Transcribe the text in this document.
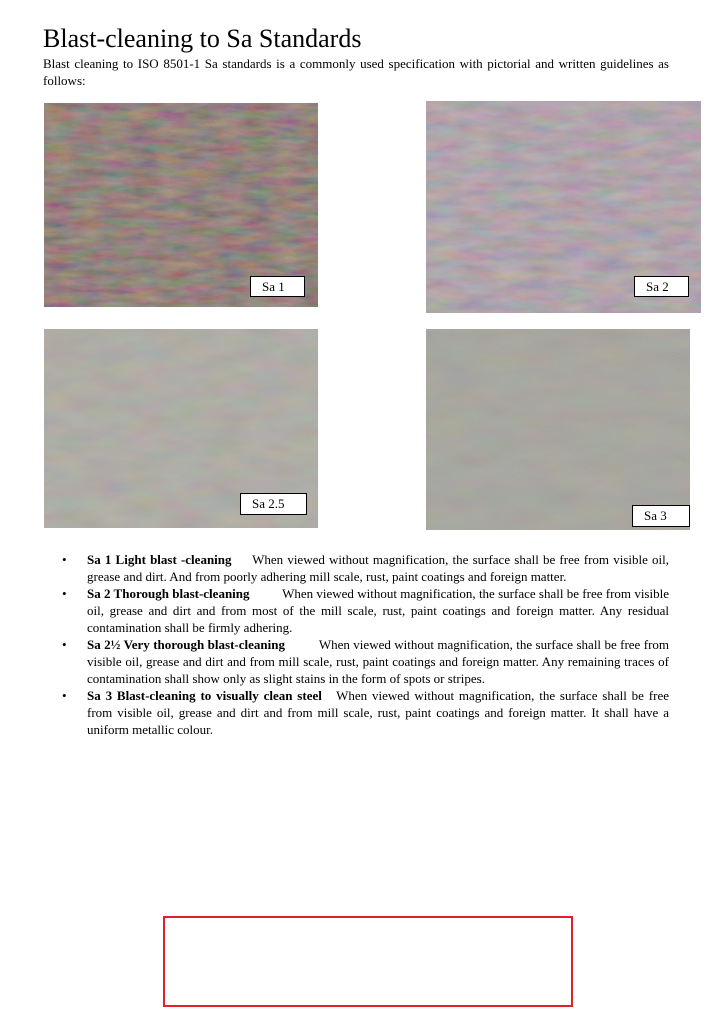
Blast-cleaning to Sa Standards

Blast cleaning to ISO 8501-1 Sa standards is a commonly used specification with pictorial and written guidelines as follows:

Sa 1	Sa 2
Sa 2.5
Sa 3
• Sa 1 Light blast -cleaning When viewed without magnification, the surface shall be free from visible oil, grease and dirt. And from poorly adhering mill scale, rust, paint coatings and foreign matter.
• Sa 2 Thorough blast-cleaning	When viewed without magnification, the surface shall be free from visible oil, grease and dirt and from most of the mill scale, rust, paint coatings and foreign matter. Any residual contamination shall be firmly adhering.
• Sa 2½ Very thorough blast-cleaning	When viewed without magnification, the surface shall be free from visible oil, grease and dirt and from mill scale, rust, paint coatings and foreign matter. Any remaining traces of contamination shall show only as slight stains in the form of spots or stripes.
• Sa 3 Blast-cleaning to visually clean steel When viewed without magnification, the surface shall be free from visible oil, grease and dirt and from mill scale, rust, paint coatings and foreign matter. It shall have a uniform metallic colour.
